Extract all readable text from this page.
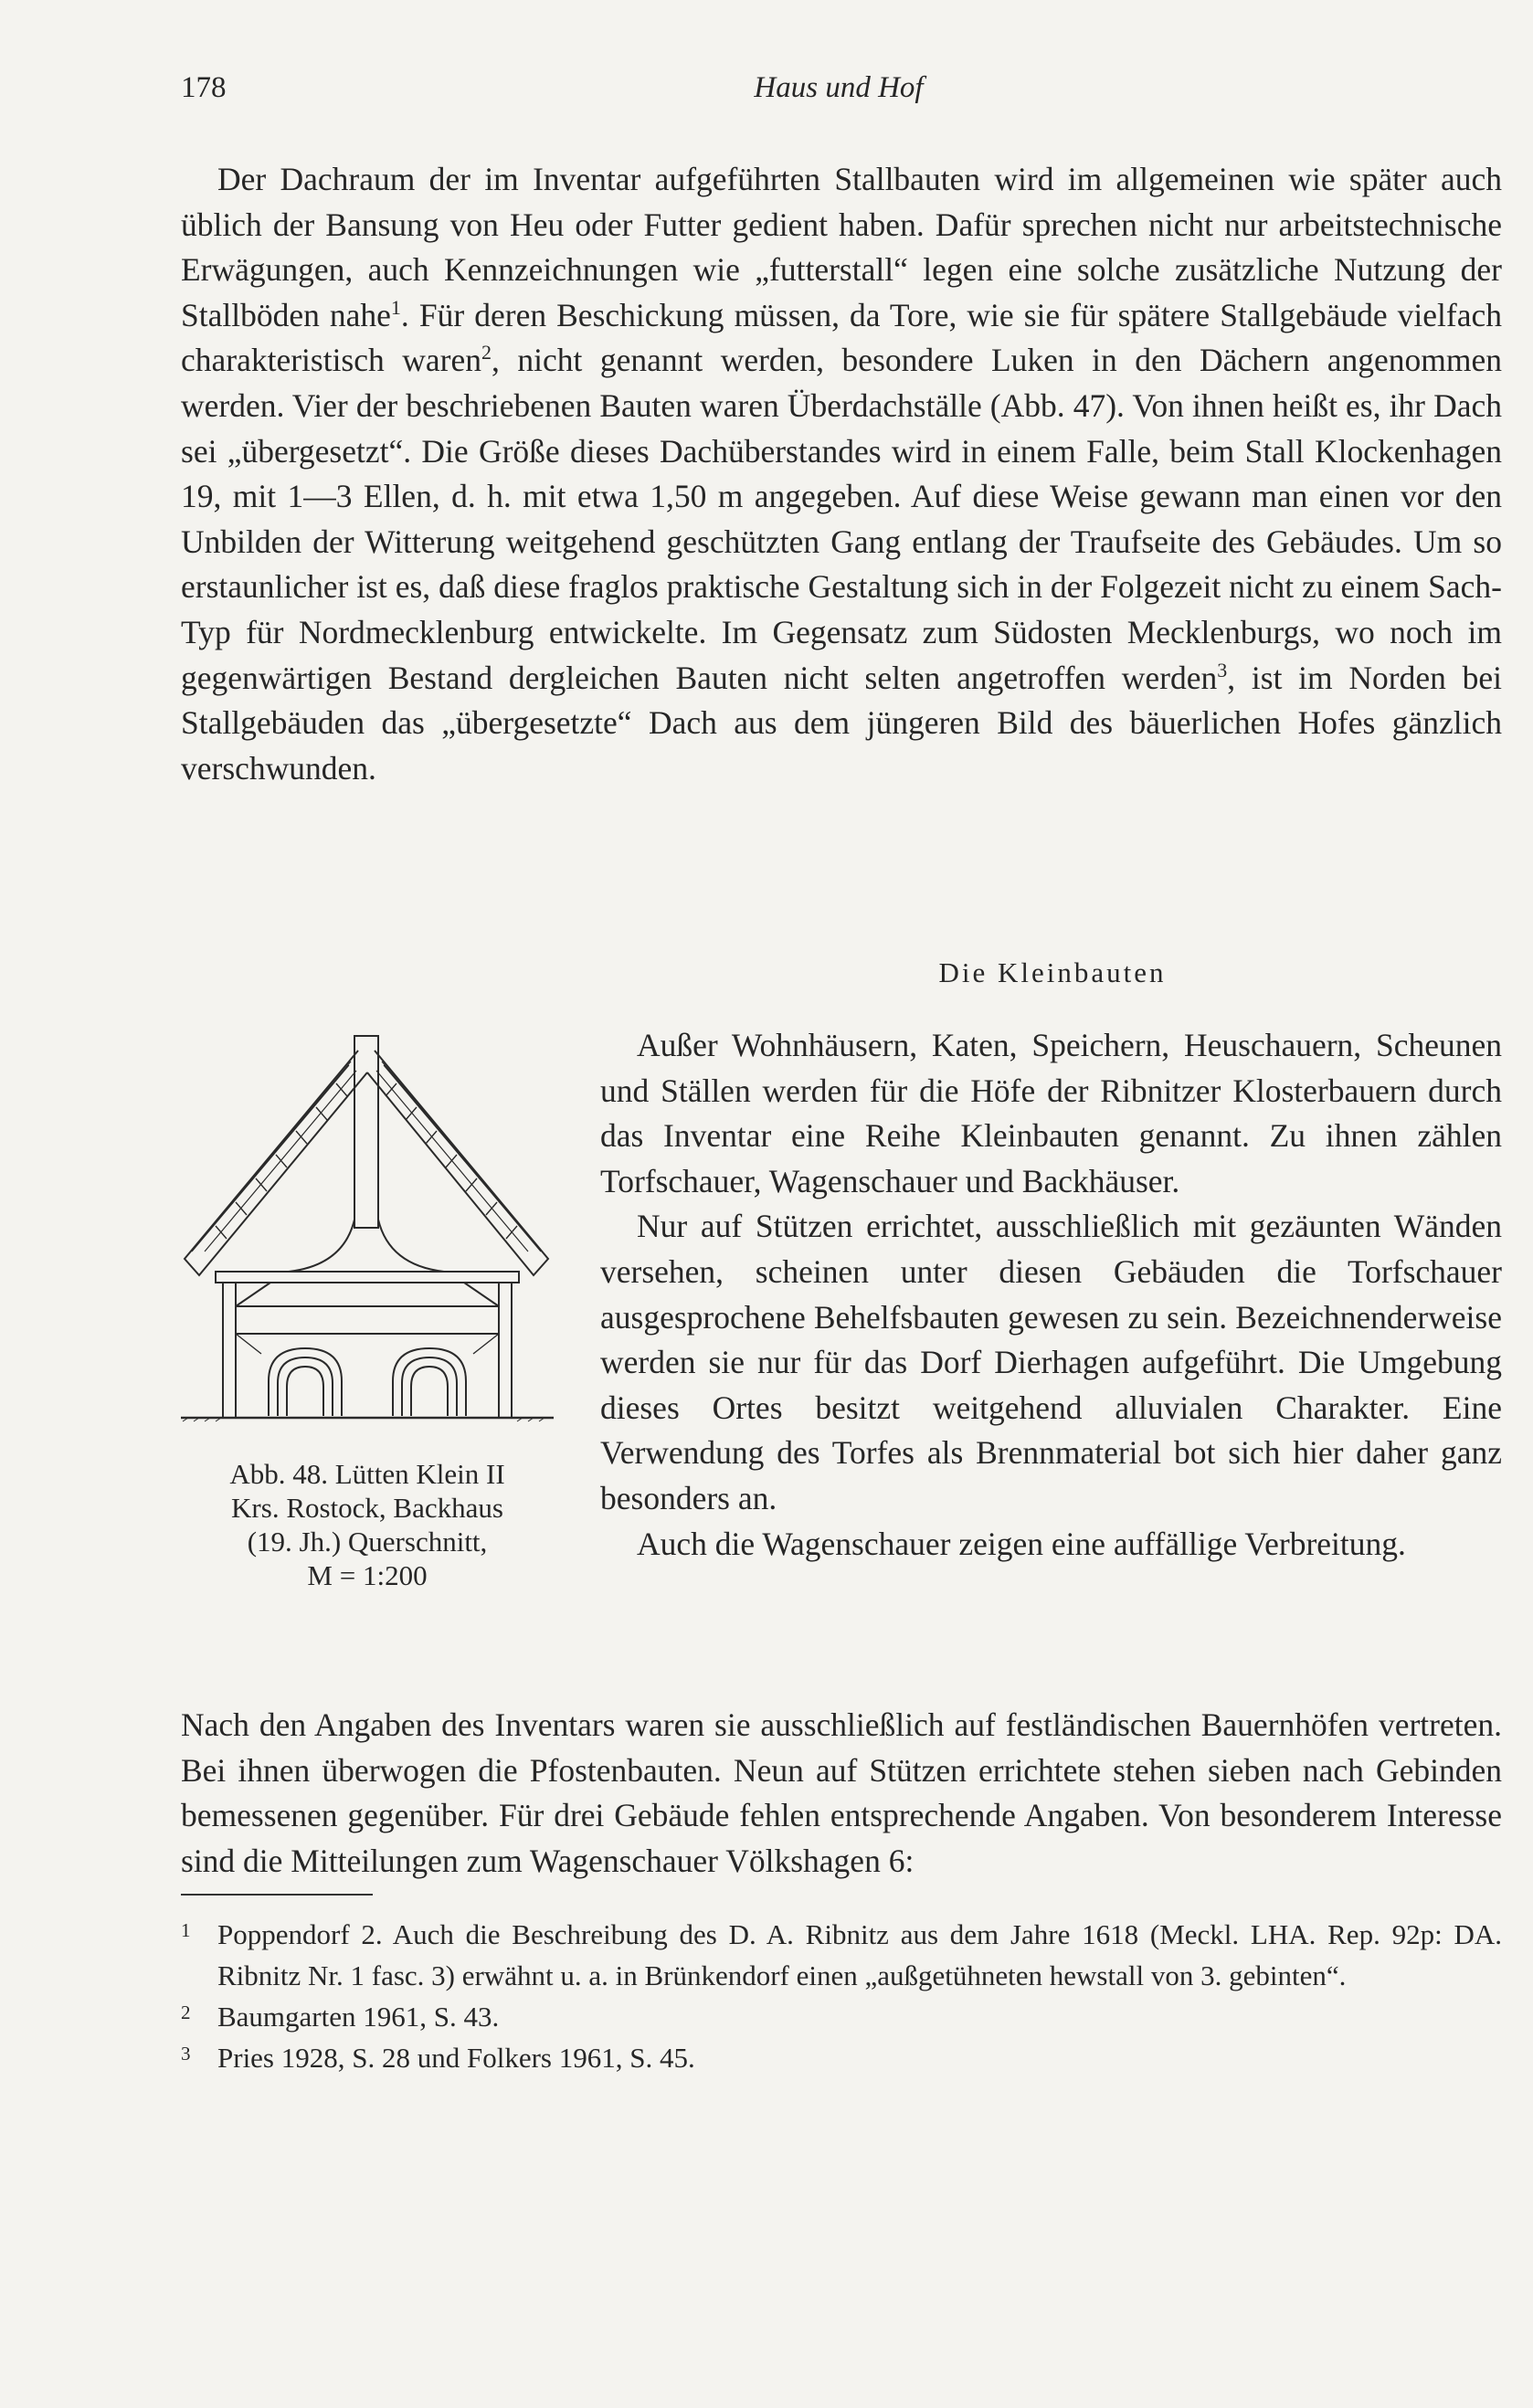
178	Haus und Hof

Der Dachraum der im Inventar aufgeführten Stallbauten wird im allgemeinen wie später auch üblich der Bansung von Heu oder Futter gedient haben. Dafür sprechen nicht nur arbeitstechnische Erwägungen, auch Kennzeichnungen wie „futterstall“ legen eine solche zusätzliche Nutzung der Stallböden nahe$^1$. Für deren Beschickung müssen, da Tore, wie sie für spätere Stallgebäude vielfach charakteristisch waren$^2$, nicht genannt werden, besondere Luken in den Dächern angenommen werden. Vier der beschriebenen Bauten waren Überdachställe (Abb. 47). Von ihnen heißt es, ihr Dach sei „übergesetzt“. Die Größe dieses Dachüberstandes wird in einem Falle, beim Stall Klockenhagen 19, mit 1—3 Ellen, d. h. mit etwa 1,50 m angegeben. Auf diese Weise gewann man einen vor den Unbilden der Witterung weitgehend geschützten Gang entlang der Traufseite des Gebäudes. Um so erstaunlicher ist es, daß diese fraglos praktische Gestaltung sich in der Folgezeit nicht zu einem Sach-Typ für Nordmecklenburg entwickelte. Im Gegensatz zum Südosten Mecklenburgs, wo noch im gegenwärtigen Bestand dergleichen Bauten nicht selten angetroffen werden$^3$, ist im Norden bei Stallgebäuden das „übergesetzte“ Dach aus dem jüngeren Bild des bäuerlichen Hofes gänzlich verschwunden.

Die Kleinbauten
Abb. 48. Lütten Klein II
Krs. Rostock, Backhaus
(19. Jh.) Querschnitt,
M = 1:200

Außer Wohnhäusern, Katen, Speichern, Heuschauern, Scheunen und Ställen werden für die Höfe der Ribnitzer Klosterbauern durch das Inventar eine Reihe Kleinbauten genannt. Zu ihnen zählen Torfschauer, Wagenschauer und Backhäuser.

Nur auf Stützen errichtet, ausschließlich mit gezäunten Wänden versehen, scheinen unter diesen Gebäuden die Torfschauer ausgesprochene Behelfsbauten gewesen zu sein. Bezeichnenderweise werden sie nur für das Dorf Dierhagen aufgeführt. Die Umgebung dieses Ortes besitzt weitgehend alluvialen Charakter. Eine Verwendung des Torfes als Brennmaterial bot sich hier daher ganz besonders an.

Auch die Wagenschauer zeigen eine auffällige Verbreitung.

Nach den Angaben des Inventars waren sie ausschließlich auf festländischen Bauernhöfen vertreten. Bei ihnen überwogen die Pfostenbauten. Neun auf Stützen errichtete stehen sieben nach Gebinden bemessenen gegenüber. Für drei Gebäude fehlen entsprechende Angaben. Von besonderem Interesse sind die Mitteilungen zum Wagenschauer Völkshagen 6:

1 Poppendorf 2. Auch die Beschreibung des D. A. Ribnitz aus dem Jahre 1618 (Meckl. LHA. Rep. 92p: DA. Ribnitz Nr. 1 fasc. 3) erwähnt u. a. in Brünkendorf einen „außgetühneten hewstall von 3. gebinten“.
2 Baumgarten 1961, S. 43.
3 Pries 1928, S. 28 und Folkers 1961, S. 45.
